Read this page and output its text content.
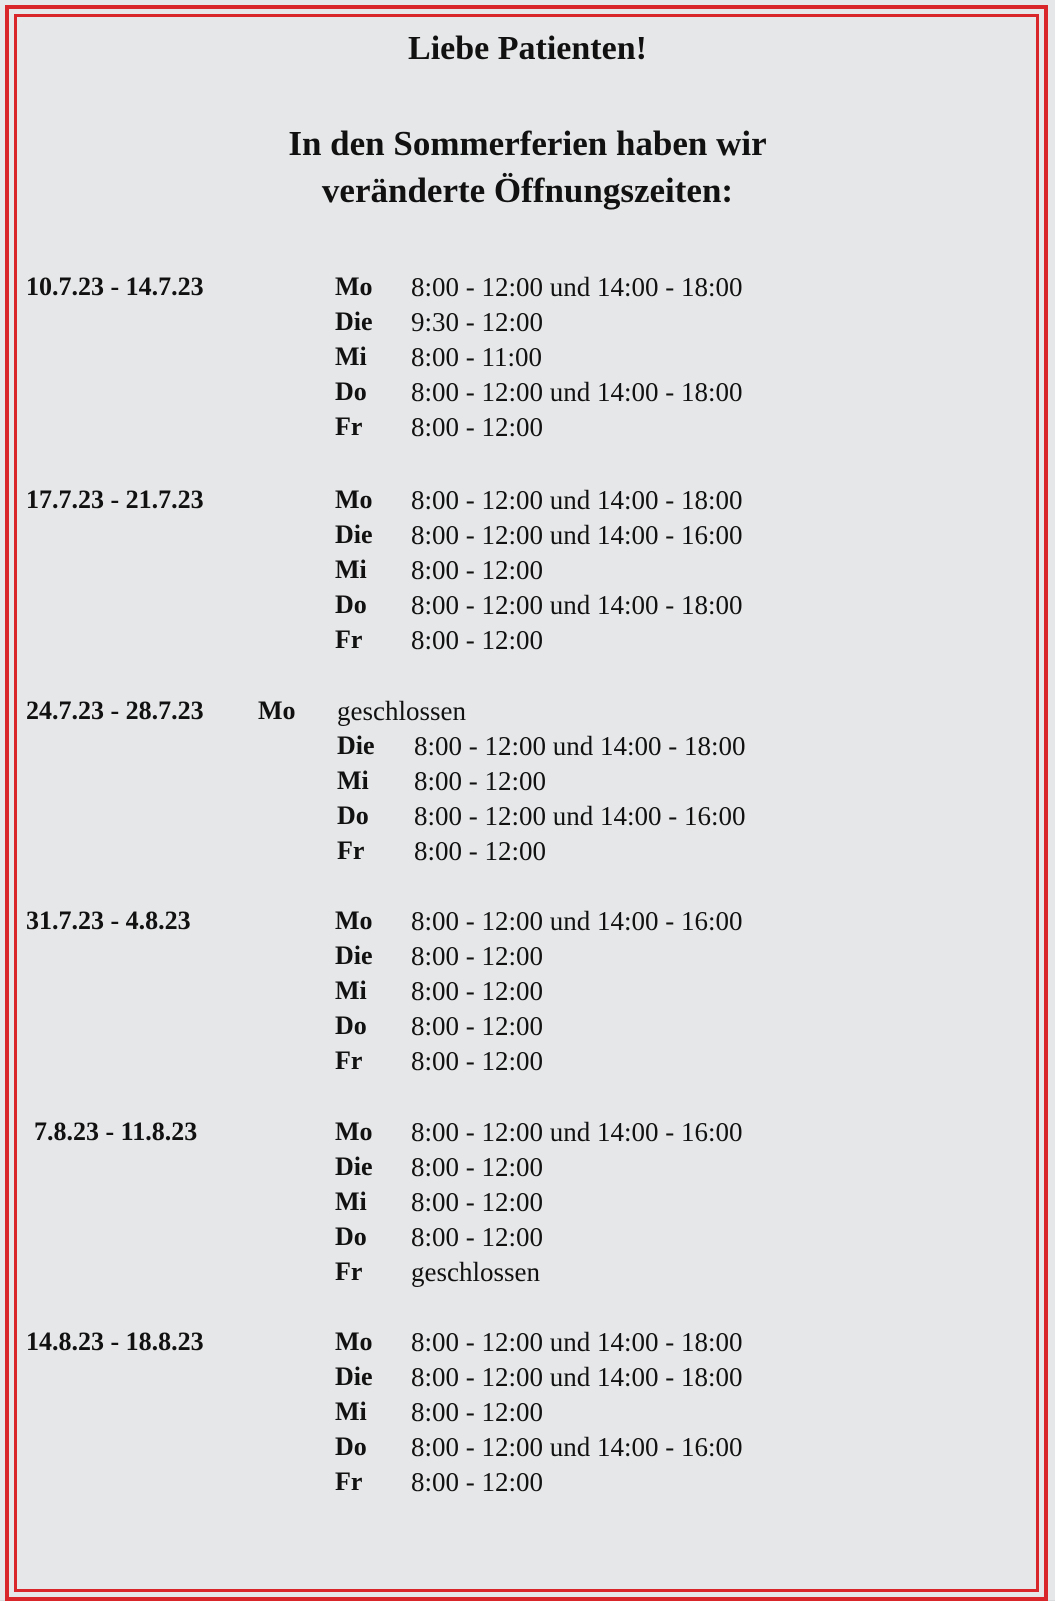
Liebe Patienten!
In den Sommerferien haben wir
veränderte Öffnungszeiten:
10.7.23 - 14.7.23	Mo 8:00 - 12:00 und 14:00 - 18:00
Die 9:30 - 12:00
Mi 8:00 - 11:00
Do 8:00 - 12:00 und 14:00 - 18:00
Fr 8:00 - 12:00
17.7.23 - 21.7.23	Mo 8:00 - 12:00 und 14:00 - 18:00
Die 8:00 - 12:00 und 14:00 - 16:00
Mi 8:00 - 12:00
Do 8:00 - 12:00 und 14:00 - 18:00
Fr 8:00 - 12:00
24.7.23 - 28.7.23 Mo geschlossen
Die 8:00 - 12:00 und 14:00 - 18:00
Mi 8:00 - 12:00
Do 8:00 - 12:00 und 14:00 - 16:00
Fr 8:00 - 12:00
31.7.23 - 4.8.23	Mo 8:00 - 12:00 und 14:00 - 16:00
Die 8:00 - 12:00
Mi 8:00 - 12:00
Do 8:00 - 12:00
Fr 8:00 - 12:00
7.8.23 - 11.8.23	Mo 8:00 - 12:00 und 14:00 - 16:00
Die 8:00 - 12:00
Mi 8:00 - 12:00
Do 8:00 - 12:00
Fr geschlossen
14.8.23 - 18.8.23	Mo 8:00 - 12:00 und 14:00 - 18:00
Die 8:00 - 12:00 und 14:00 - 18:00
Mi 8:00 - 12:00
Do 8:00 - 12:00 und 14:00 - 16:00
Fr 8:00 - 12:00
